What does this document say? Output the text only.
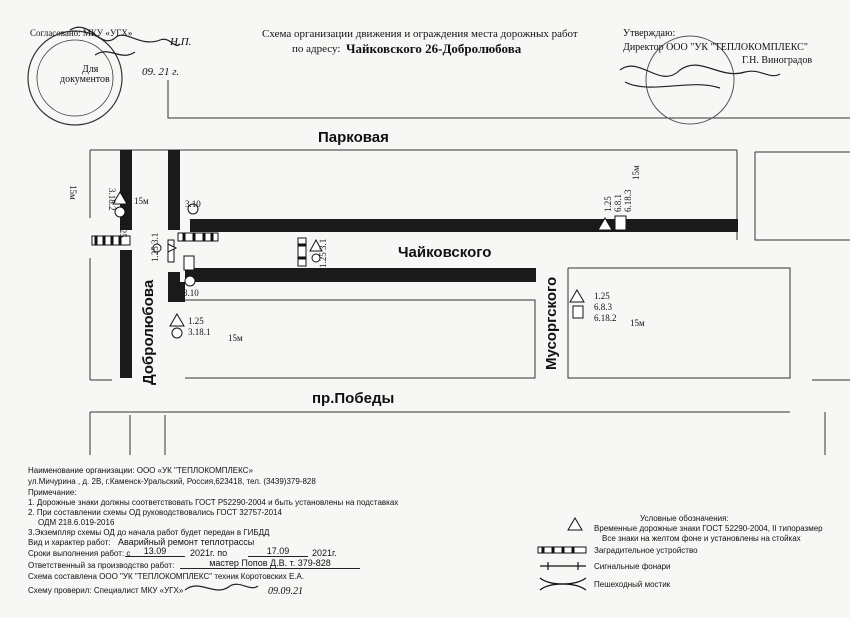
Согласовано: МКУ «УГХ»
Н.П.
09. 21 г.
Для
документов
Схема организации движения и ограждения места дорожных работ
по адресу: Чайковского 26-Добролюбова
Утверждаю:
Директор ООО "УК "ТЕПЛОКОМПЛЕКС"
Г.Н. Виноградов
Парковая
Чайковского
Добролюбова	Мусоргского
пр.Победы
1.25
3.18.2
15м
15м	3.10
1.25 3.1	1.25 3.1
3.10
1.25
3.18.1
15м
1.25 6.8.1 6.18.3
15м
1.25
6.8.3
6.18.2 15м
Наименование организации: ООО «УК "ТЕПЛОКОМПЛЕКС»
ул.Мичурина , д. 2В, г.Каменск-Уральский, Россия,623418, тел. (3439)379-828
Примечание:
1. Дорожные знаки должны соответствовать ГОСТ Р52290-2004 и быть установлены на подставках
2. При составлении схемы ОД руководствовались ГОСТ 32757-2014
ОДМ 218.6.019-2016
3.Экземпляр схемы ОД до начала работ будет передан в ГИБДД
Вид и характер работ: Аварийный ремонт теплотрассы
Сроки выполнения работ: с	13.09	2021г. по	17.09	2021г.
Ответственный за производство работ:	мастер Попов Д.В. т. 379-828
Схема составлена ООО "УК "ТЕПЛОКОМПЛЕКС" техник Коротовских Е.А.
Схему проверил: Специалист МКУ «УГХ»	09.09.21
Условные обозначения:
Временные дорожные знаки ГОСТ 52290-2004, II типоразмер
Все знаки на желтом фоне и установлены на стойках
Заградительное устройство
Сигнальные фонари
Пешеходный мостик
